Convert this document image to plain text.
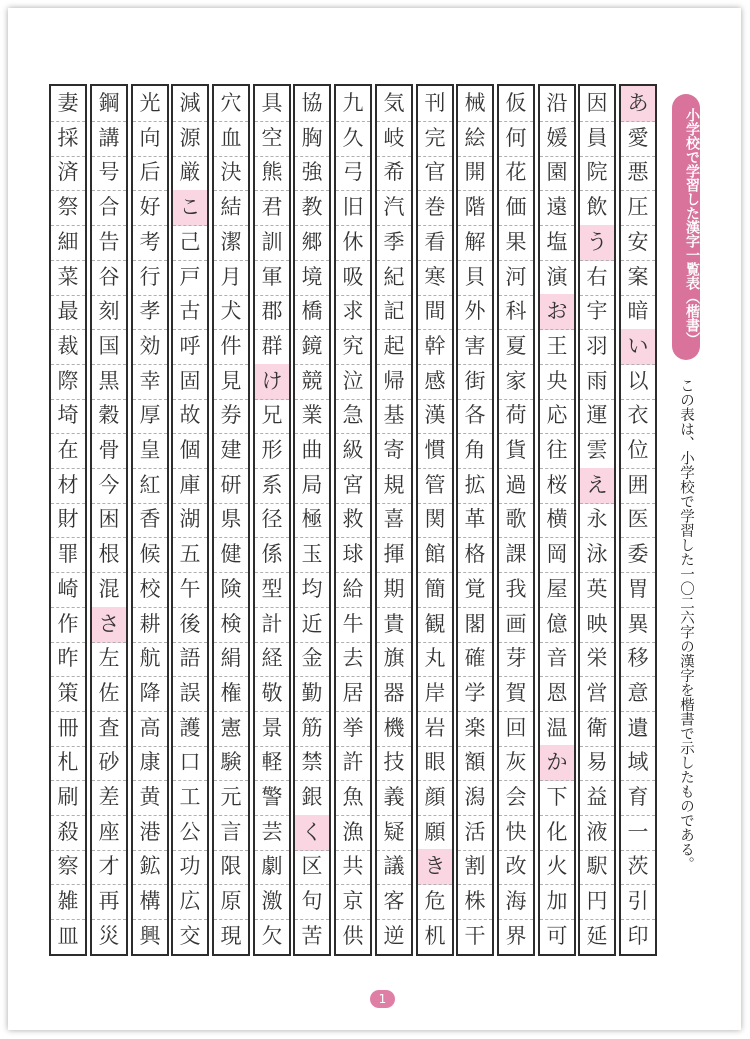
あ
愛
悪
圧
安
案
暗
い
以
衣
位
囲
医
委
胃
異
移
意
遺
域
育
一
茨
引
印
因
員
院
飲
う
右
宇
羽
雨
運
雲
え
永
泳
英
映
栄
営
衛
易
益
液
駅
円
延
沿
媛
園
遠
塩
演
お
王
央
応
往
桜
横
岡
屋
億
音
恩
温
か
下
化
火
加
可
仮
何
花
価
果
河
科
夏
家
荷
貨
過
歌
課
我
画
芽
賀
回
灰
会
快
改
海
界
械
絵
開
階
解
貝
外
害
街
各
角
拡
革
格
覚
閣
確
学
楽
額
潟
活
割
株
干
刊
完
官
巻
看
寒
間
幹
感
漢
慣
管
関
館
簡
観
丸
岸
岩
眼
顔
願
き
危
机
気
岐
希
汽
季
紀
記
起
帰
基
寄
規
喜
揮
期
貴
旗
器
機
技
義
疑
議
客
逆
九
久
弓
旧
休
吸
求
究
泣
急
級
宮
救
球
給
牛
去
居
挙
許
魚
漁
共
京
供
協
胸
強
教
郷
境
橋
鏡
競
業
曲
局
極
玉
均
近
金
勤
筋
禁
銀
く
区
句
苦
具
空
熊
君
訓
軍
郡
群
け
兄
形
系
径
係
型
計
経
敬
景
軽
警
芸
劇
激
欠
穴
血
決
結
潔
月
犬
件
見
券
建
研
県
健
険
検
絹
権
憲
験
元
言
限
原
現
減
源
厳
こ
己
戸
古
呼
固
故
個
庫
湖
五
午
後
語
誤
護
口
工
公
功
広
交
光
向
后
好
考
行
孝
効
幸
厚
皇
紅
香
候
校
耕
航
降
高
康
黄
港
鉱
構
興
鋼
講
号
合
告
谷
刻
国
黒
穀
骨
今
困
根
混
さ
左
佐
査
砂
差
座
才
再
災
妻
採
済
祭
細
菜
最
裁
際
埼
在
材
財
罪
崎
作
昨
策
冊
札
刷
殺
察
雑
皿
小学校で学習した漢字一覧表（楷書）
この表は、小学校で学習した一〇二六字の漢字を楷書で示したものである。
1
